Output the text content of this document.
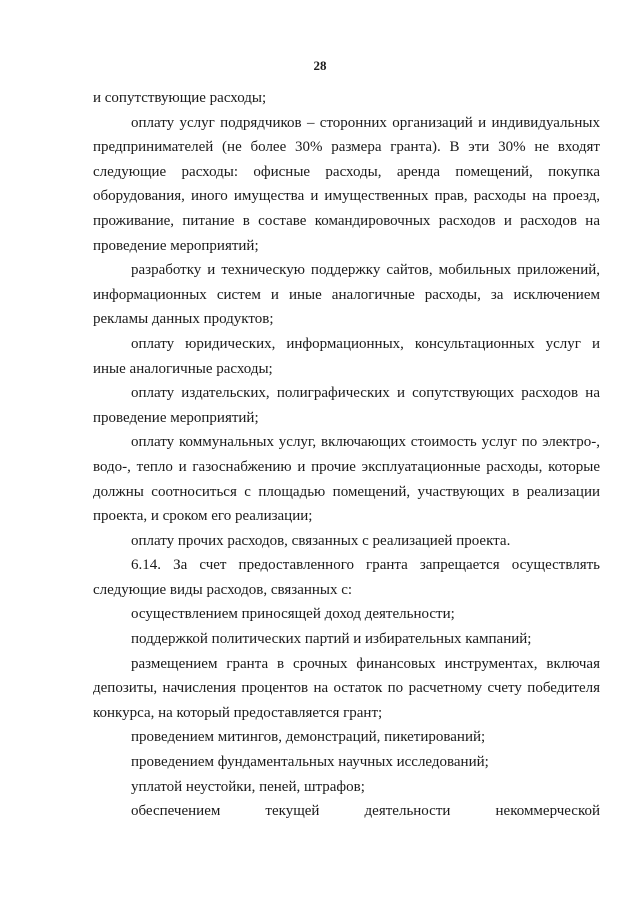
28

и сопутствующие расходы;

оплату услуг подрядчиков – сторонних организаций и индивидуальных предпринимателей (не более 30% размера гранта). В эти 30% не входят следующие расходы: офисные расходы, аренда помещений, покупка оборудования, иного имущества и имущественных прав, расходы на проезд, проживание, питание в составе командировочных расходов и расходов на проведение мероприятий;

разработку и техническую поддержку сайтов, мобильных приложений, информационных систем и иные аналогичные расходы, за исключением рекламы данных продуктов;

оплату юридических, информационных, консультационных услуг и иные аналогичные расходы;

оплату издательских, полиграфических и сопутствующих расходов на проведение мероприятий;

оплату коммунальных услуг, включающих стоимость услуг по электро-, водо-, тепло и газоснабжению и прочие эксплуатационные расходы, которые должны соотноситься с площадью помещений, участвующих в реализации проекта, и сроком его реализации;

оплату прочих расходов, связанных с реализацией проекта.

6.14. За счет предоставленного гранта запрещается осуществлять следующие виды расходов, связанных с:

осуществлением приносящей доход деятельности;

поддержкой политических партий и избирательных кампаний;

размещением гранта в срочных финансовых инструментах, включая депозиты, начисления процентов на остаток по расчетному счету победителя конкурса, на который предоставляется грант;

проведением митингов, демонстраций, пикетирований;

проведением фундаментальных научных исследований;

уплатой неустойки, пеней, штрафов;

обеспечением текущей деятельности некоммерческой
